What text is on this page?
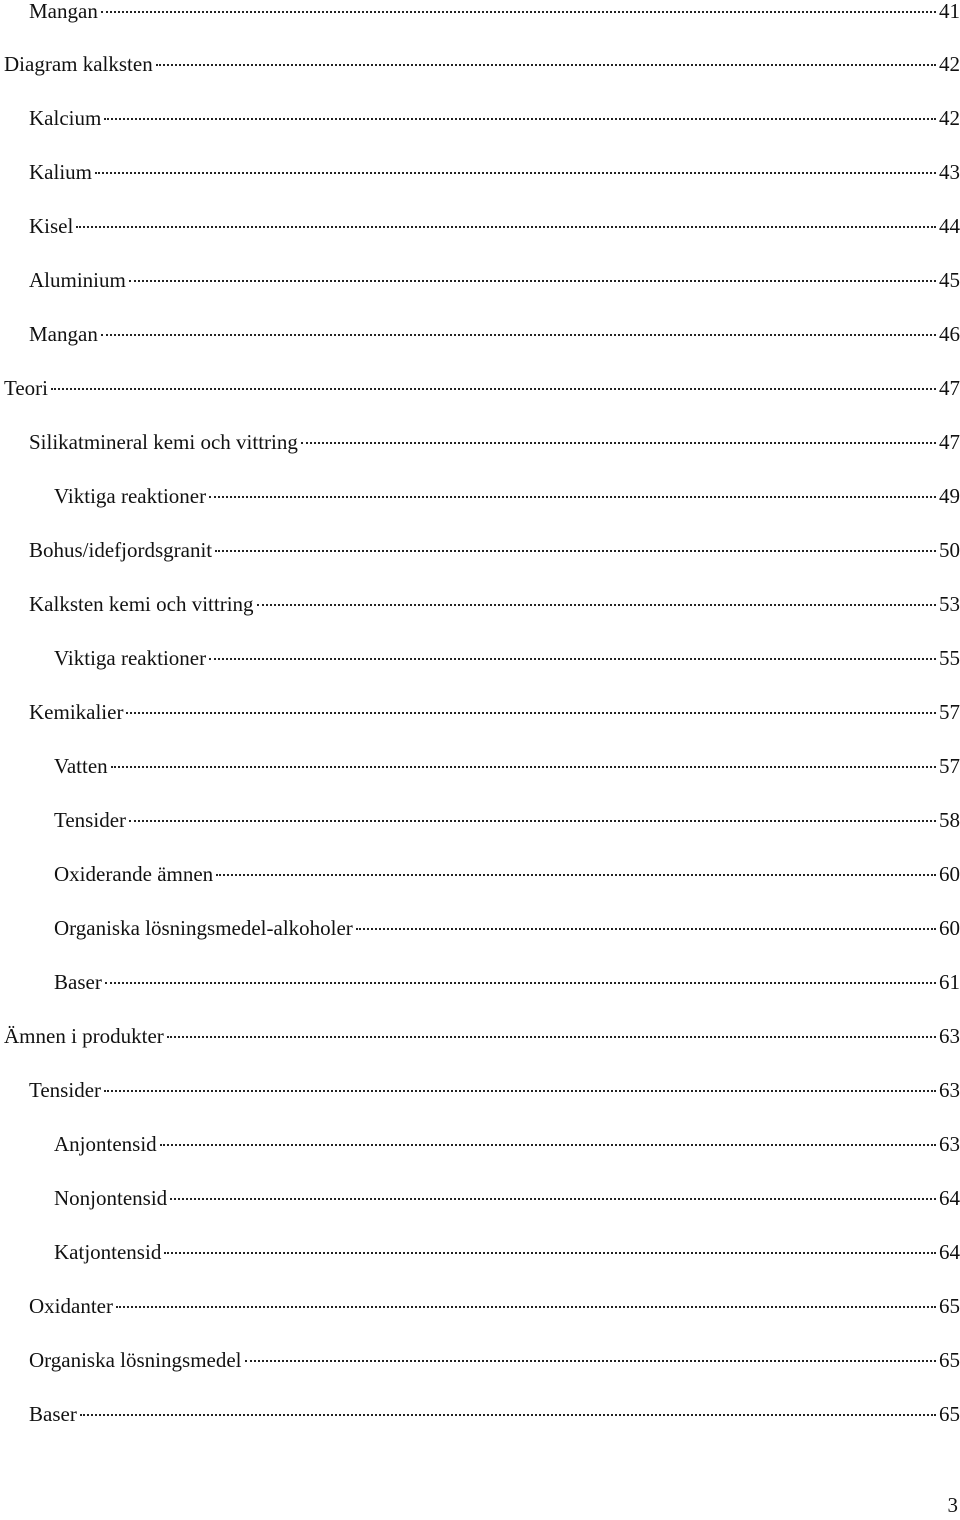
Mangan	41
Diagram kalksten	42
Kalcium	42
Kalium	43
Kisel	44
Aluminium	45
Mangan	46
Teori	47
Silikatmineral kemi och vittring	47
Viktiga reaktioner	49
Bohus/idefjordsgranit	50
Kalksten kemi och vittring	53
Viktiga reaktioner	55
Kemikalier	57
Vatten	57
Tensider	58
Oxiderande ämnen	60
Organiska lösningsmedel-alkoholer	60
Baser	61
Ämnen i produkter	63
Tensider	63
Anjontensid	63
Nonjontensid	64
Katjontensid	64
Oxidanter	65
Organiska lösningsmedel	65
Baser	65
3
